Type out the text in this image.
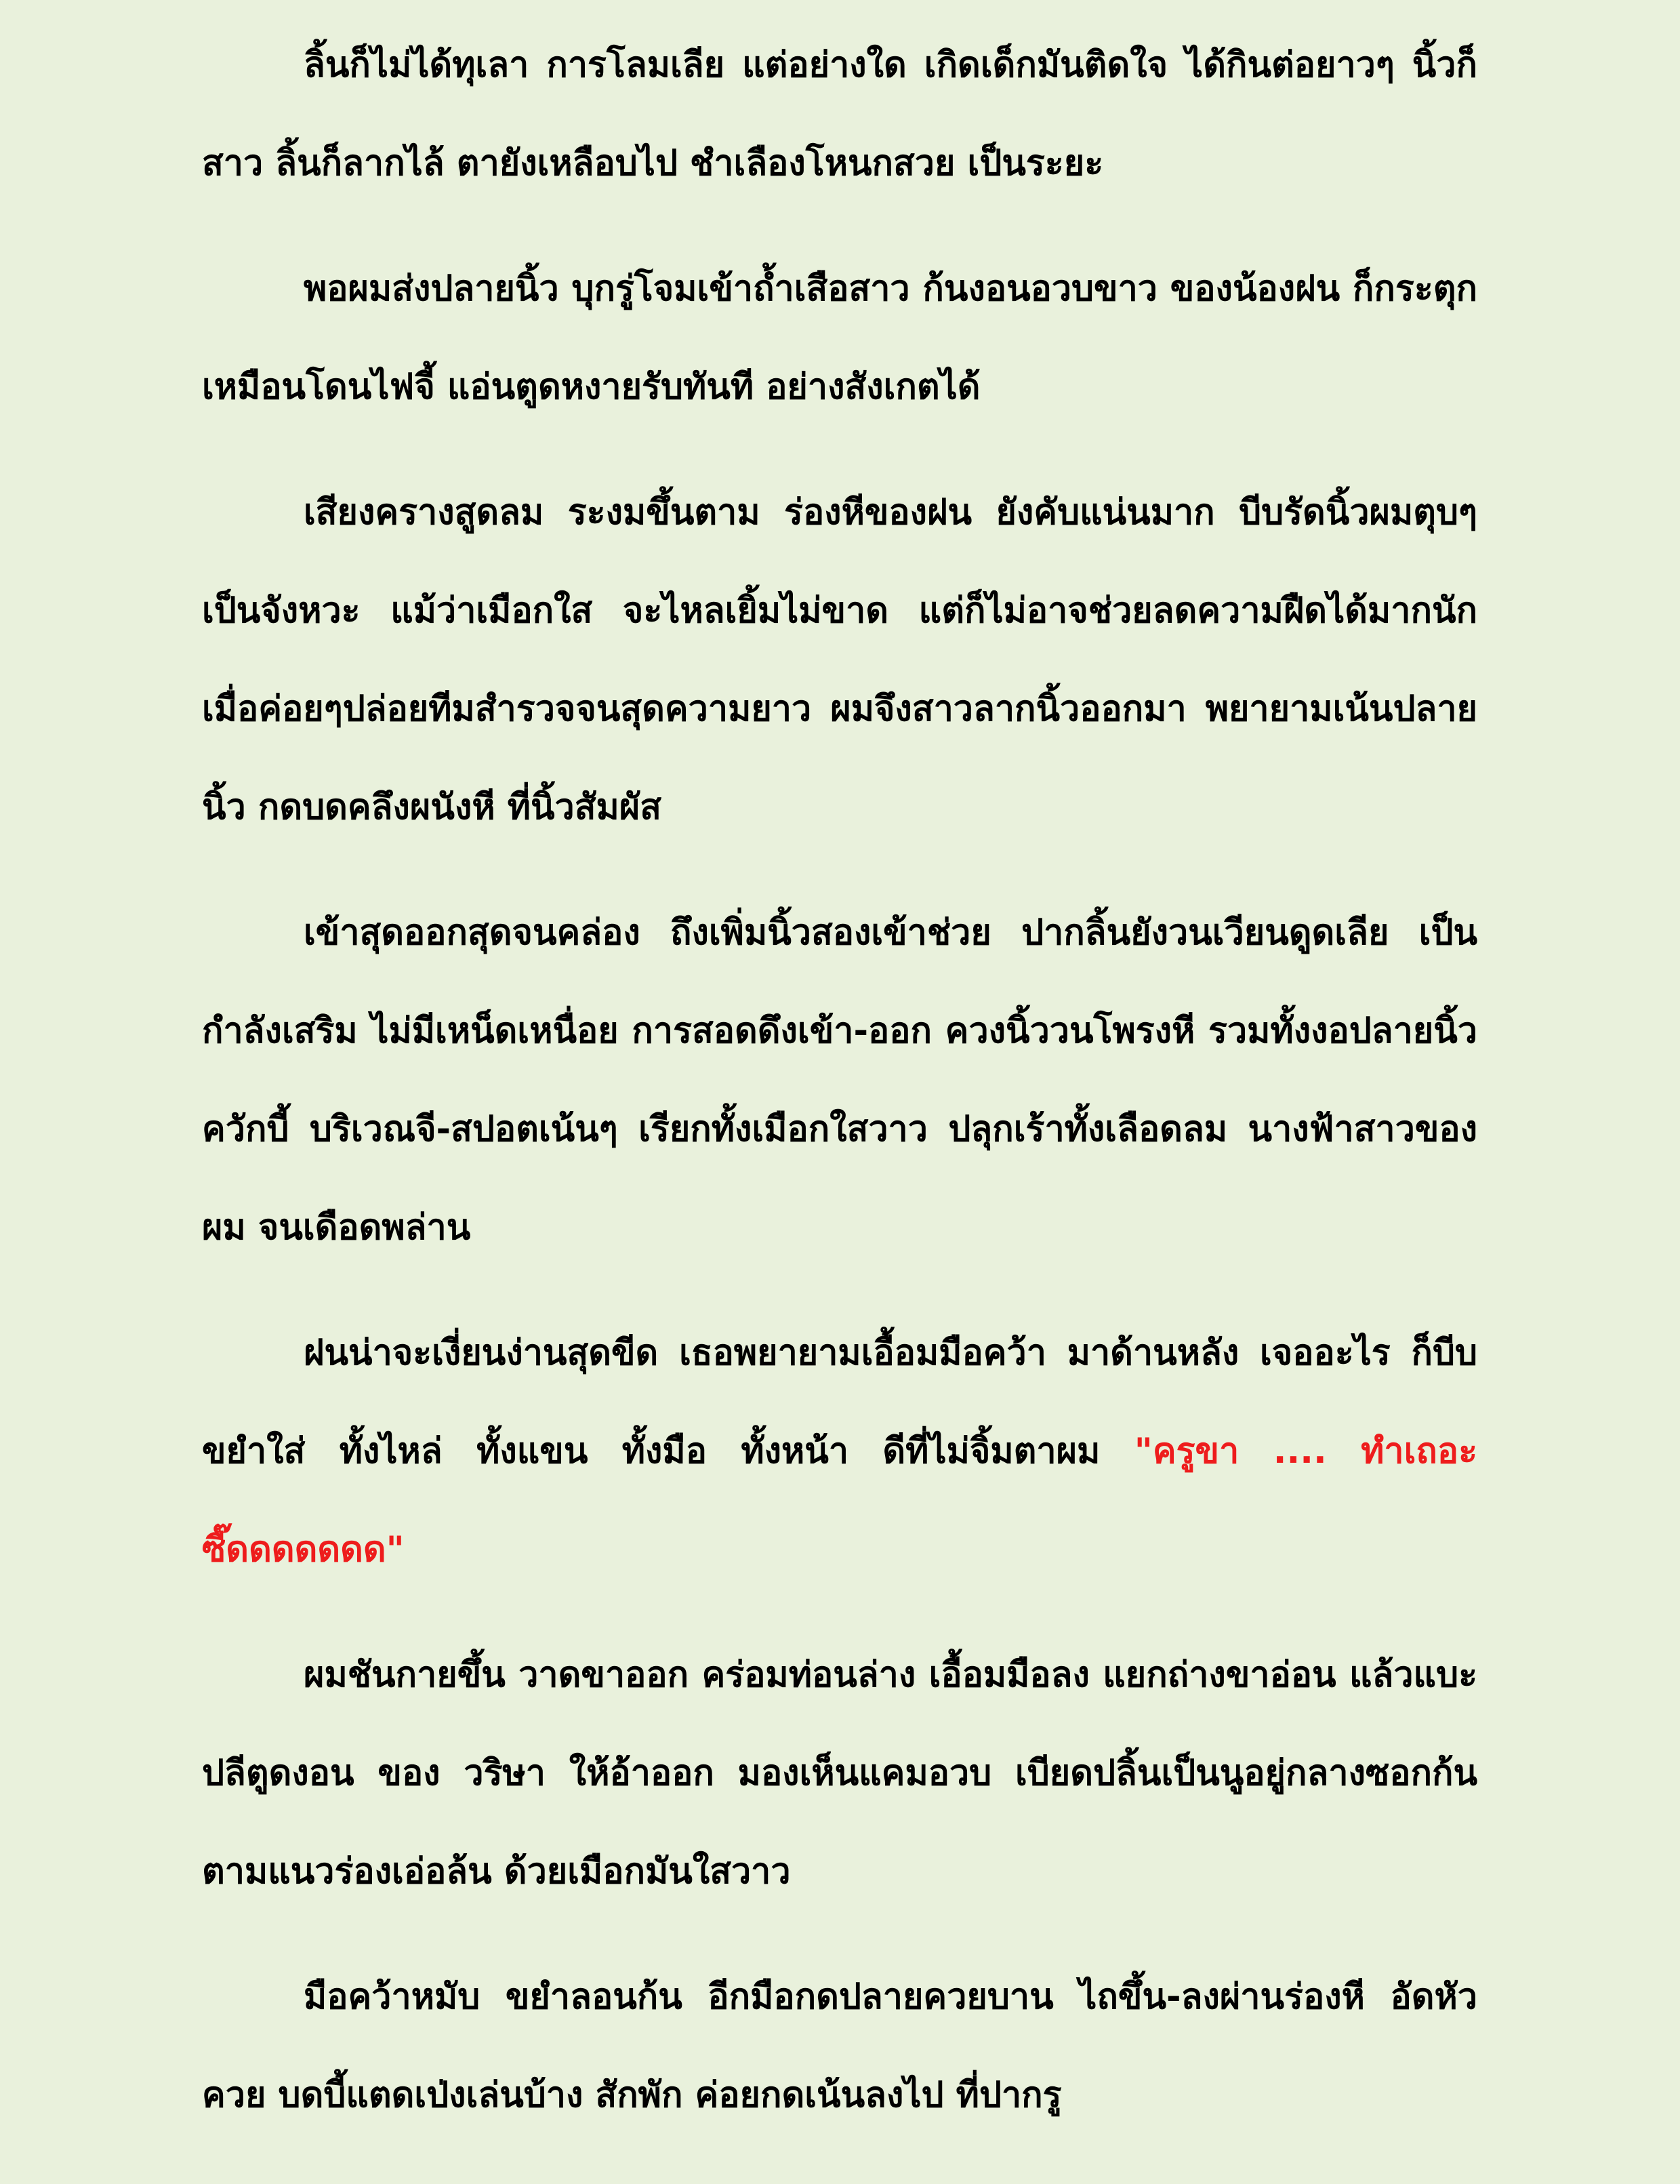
ลิ้นก็ไม่ได้ทุเลา การโลมเลีย แต่อย่างใด เกิดเด็กมันติดใจ ได้กินต่อยาวๆ นิ้วก็สาว ลิ้นก็ลากไล้ ตายังเหลือบไป ชำเลืองโหนกสวย เป็นระยะ

พอผมส่งปลายนิ้ว บุกรู่โจมเข้าถ้ำเสือสาว ก้นงอนอวบขาว ของน้องฝน ก็กระตุกเหมือนโดนไฟจี้ แอ่นตูดหงายรับทันที อย่างสังเกตได้

เสียงครางสูดลม ระงมขึ้นตาม ร่องหีของฝน ยังคับแน่นมาก บีบรัดนิ้วผมตุบๆเป็นจังหวะ แม้ว่าเมือกใส จะไหลเยิ้มไม่ขาด แต่ก็ไม่อาจช่วยลดความฝืดได้มากนัก เมื่อค่อยๆปล่อยทีมสำรวจจนสุดความยาว ผมจึงสาวลากนิ้วออกมา พยายามเน้นปลายนิ้ว กดบดคลึงผนังหี ที่นิ้วสัมผัส

เข้าสุดออกสุดจนคล่อง ถึงเพิ่มนิ้วสองเข้าช่วย ปากลิ้นยังวนเวียนดูดเลีย เป็นกำลังเสริม ไม่มีเหน็ดเหนื่อย การสอดดึงเข้า-ออก ควงนิ้ววนโพรงหี รวมทั้งงอปลายนิ้วควักบี้ บริเวณจี-สปอตเน้นๆ เรียกทั้งเมือกใสวาว ปลุกเร้าทั้งเลือดลม นางฟ้าสาวของผม จนเดือดพล่าน

ฝนน่าจะเงี่ยนง่านสุดขีด เธอพยายามเอื้อมมือคว้า มาด้านหลัง เจออะไร ก็บีบขยำใส่ ทั้งไหล่ ทั้งแขน ทั้งมือ ทั้งหน้า ดีที่ไม่จิ้มตาผม "ครูขา .... ทำเถอะ ซี๊ดดดดดดด"

ผมชันกายขึ้น วาดขาออก คร่อมท่อนล่าง เอื้อมมือลง แยกถ่างขาอ่อน แล้วแบะปลีตูดงอน ของ วริษา ให้อ้าออก มองเห็นแคมอวบ เบียดปลิ้นเป็นนูอยู่กลางซอกก้น ตามแนวร่องเอ่อล้น ด้วยเมือกมันใสวาว

มือคว้าหมับ ขยำลอนก้น อีกมือกดปลายควยบาน ไถขึ้น-ลงผ่านร่องหี อัดหัวควย บดบี้แตดเป่งเล่นบ้าง สักพัก ค่อยกดเน้นลงไป ที่ปากรู
